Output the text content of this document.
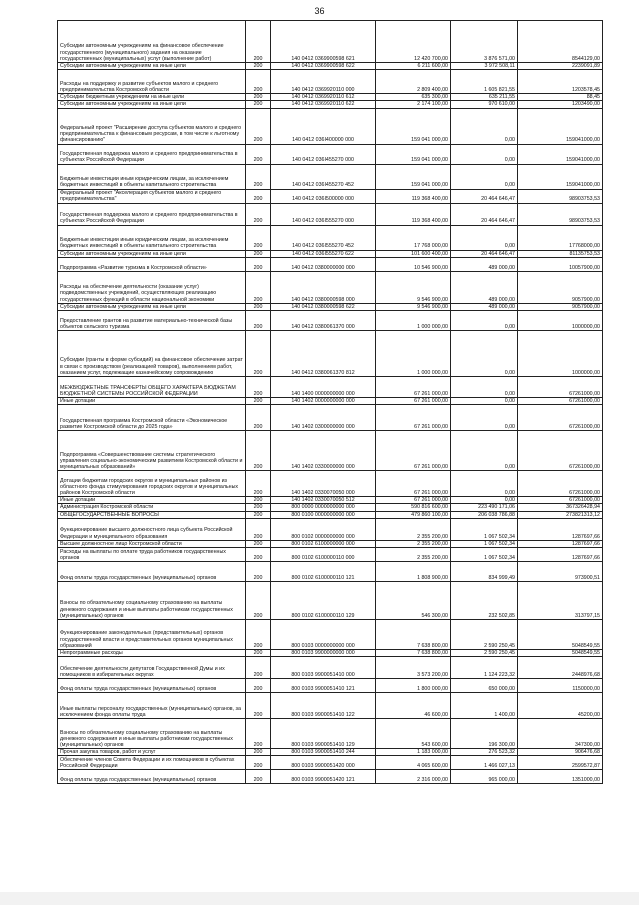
36
Субсидии автономным учреждениям на финансовое обеспечение государственного (муниципального) задания на оказание государственных (муниципальных) услуг (выполнение работ)	200	140 0412 0369900598 621	12 420 700,00	3 876 571,00	8544129,00
Субсидии автономным учреждениям на иные цели	200	140 0412 0369900598 622	6 211 600,00	3 972 508,11	2239091,89
Расходы на поддержку и развитие субъектов малого и среднего предпринимательства Костромской области	200	140 0412 0369920110 000	2 809 400,00	1 605 821,55	1203578,45
Субсидии бюджетным учреждениям на иные цели	200	140 0412 0369920110 612	635 300,00	635 211,55	88,45
Субсидии автономным учреждениям на иные цели	200	140 0412 0369920110 622	2 174 100,00	970 610,00	1203490,00
Федеральный проект "Расширение доступа субъектов малого и среднего предпринимательства к финансовым ресурсам, в том числе к льготному финансированию"	200	140 0412 036I400000 000	159 041 000,00	0,00	159041000,00
Государственная поддержка малого и среднего предпринимательства в субъектах Российской Федерации	200	140 0412 036I455270 000	159 041 000,00	0,00	159041000,00
Бюджетные инвестиции иным юридическим лицам, за исключением бюджетных инвестиций в объекты капитального строительства	200	140 0412 036I455270 452	159 041 000,00	0,00	159041000,00
Федеральный проект "Акселерация субъектов малого и среднего предпринимательства"	200	140 0412 036I500000 000	119 368 400,00	20 464 646,47	98903753,53
Государственная поддержка малого и среднего предпринимательства в субъектах Российской Федерации	200	140 0412 036I555270 000	119 368 400,00	20 464 646,47	98903753,53
Бюджетные инвестиции иным юридическим лицам, за исключением бюджетных инвестиций в объекты капитального строительства	200	140 0412 036I555270 452	17 768 000,00	0,00	17768000,00
Субсидии автономным учреждениям на иные цели	200	140 0412 036I555270 622	101 600 400,00	20 464 646,47	81135753,53
Подпрограмма «Развитие туризма в Костромской области»	200	140 0412 0380000000 000	10 546 900,00	489 000,00	10057900,00
Расходы на обеспечение деятельности (оказание услуг) подведомственных учреждений, осуществляющих реализацию государственных функций в области национальной экономики	200	140 0412 0380000598 000	9 546 900,00	489 000,00	9057900,00
Субсидии автономным учреждениям на иные цели	200	140 0412 0380000598 622	9 546 900,00	489 000,00	9057900,00
Предоставление грантов на развитие материально-технической базы объектов сельского туризма	200	140 0412 0380061370 000	1 000 000,00	0,00	1000000,00
Субсидии (гранты в форме субсидий) на финансовое обеспечение затрат в связи с производством (реализацией товаров), выполнением работ, оказанием услуг, подлежащие казначейскому сопровождению	200	140 0412 0380061370 812	1 000 000,00	0,00	1000000,00
МЕЖБЮДЖЕТНЫЕ ТРАНСФЕРТЫ ОБЩЕГО ХАРАКТЕРА БЮДЖЕТАМ БЮДЖЕТНОЙ СИСТЕМЫ РОССИЙСКОЙ ФЕДЕРАЦИИ	200	140 1400 0000000000 000	67 261 000,00	0,00	67261000,00
Иные дотации	200	140 1402 0000000000 000	67 261 000,00	0,00	67261000,00
Государственная программа Костромской области «Экономическое развитие Костромской области до 2025 года»	200	140 1402 0300000000 000	67 261 000,00	0,00	67261000,00
Подпрограмма «Совершенствование системы стратегического управления социально-экономическим развитием Костромской области и муниципальных образований»	200	140 1402 0330000000 000	67 261 000,00	0,00	67261000,00
Дотации бюджетам городских округов и муниципальных районов из областного фонда стимулирования городских округов и муниципальных районов Костромской области	200	140 1402 0330070050 000	67 261 000,00	0,00	67261000,00
Иные дотации	200	140 1402 0330070050 512	67 261 000,00	0,00	67261000,00
Администрация Костромской области	200	800 0000 0000000000 000	590 816 600,00	223 490 171,06	367326428,94
ОБЩЕГОСУДАРСТВЕННЫЕ ВОПРОСЫ	200	800 0100 0000000000 000	479 860 100,00	206 038 786,88	273821313,12
Функционирование высшего должностного лица субъекта Российской Федерации и муниципального образования	200	800 0102 0000000000 000	2 355 200,00	1 067 502,34	1287697,66
Высшее должностное лицо Костромской области	200	800 0102 6100000000 000	2 355 200,00	1 067 502,34	1287697,66
Расходы на выплаты по оплате труда работников государственных органов	200	800 0102 6100000110 000	2 355 200,00	1 067 502,34	1287697,66
Фонд оплаты труда государственных (муниципальных) органов	200	800 0102 6100000110 121	1 808 900,00	834 999,49	973900,51
Взносы по обязательному социальному страхованию на выплаты денежного содержания и иные выплаты работникам государственных (муниципальных) органов	200	800 0102 6100000110 129	546 300,00	232 502,85	313797,15
Функционирование законодательных (представительных) органов государственной власти и представительных органов муниципальных образований	200	800 0103 0000000000 000	7 638 800,00	2 590 250,45	5048549,55
Непрограммные расходы	200	800 0103 9900000000 000	7 638 800,00	2 590 250,45	5048549,55
Обеспечение деятельности депутатов Государственной Думы и их помощников в избирательных округах	200	800 0103 9900051410 000	3 573 200,00	1 124 223,32	2448976,68
Фонд оплаты труда государственных (муниципальных) органов	200	800 0103 9900051410 121	1 800 000,00	650 000,00	1150000,00
Иные выплаты персоналу государственных (муниципальных) органов, за исключением фонда оплаты труда	200	800 0103 9900051410 122	46 600,00	1 400,00	45200,00
Взносы по обязательному социальному страхованию на выплаты денежного содержания и иные выплаты работникам государственных (муниципальных) органов	200	800 0103 9900051410 129	543 600,00	196 300,00	347300,00
Прочая закупка товаров, работ и услуг	200	800 0103 9900051410 244	1 183 000,00	276 523,32	906476,68
Обеспечение членов Совета Федерации и их помощников в субъектах Российской Федерации	200	800 0103 9900051420 000	4 065 600,00	1 466 027,13	2599572,87
Фонд оплаты труда государственных (муниципальных) органов	200	800 0103 9900051420 121	2 316 000,00	965 000,00	1351000,00
